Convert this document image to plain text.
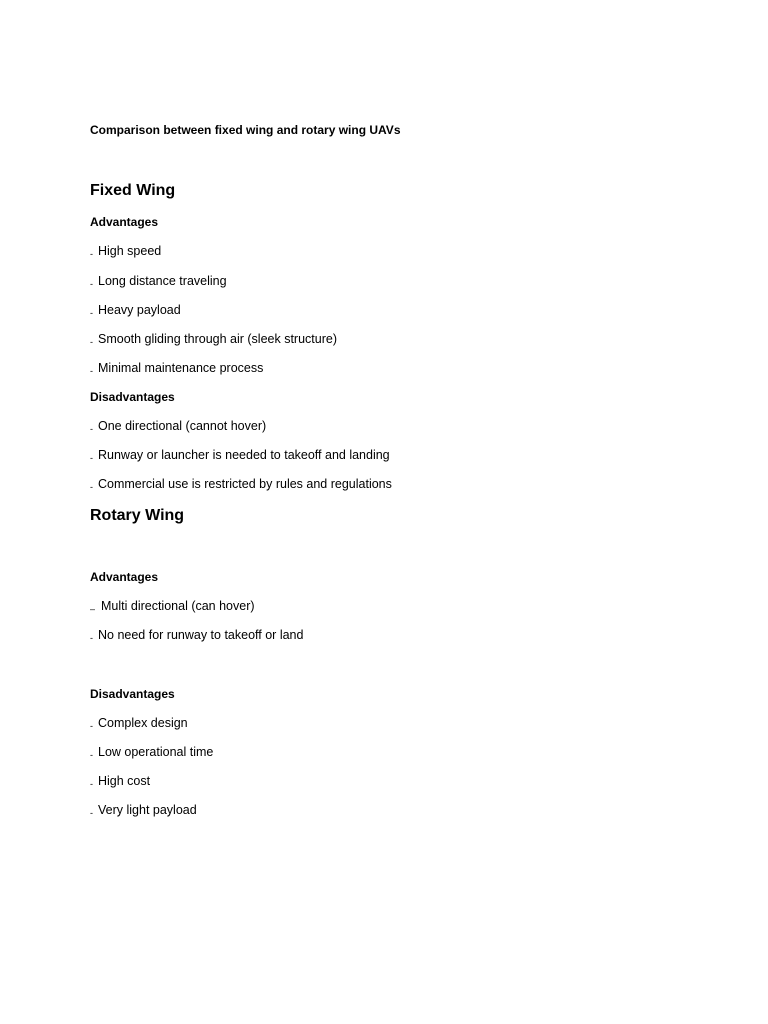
Comparison between fixed wing and rotary wing UAVs
Fixed Wing
Advantages
- High speed
- Long distance traveling
- Heavy payload
- Smooth gliding through air (sleek structure)
- Minimal maintenance process
Disadvantages
- One directional (cannot hover)
- Runway or launcher is needed to takeoff and landing
- Commercial use is restricted by rules and regulations
Rotary Wing
Advantages
– Multi directional (can hover)
- No need for runway to takeoff or land
Disadvantages
- Complex design
- Low operational time
- High cost
- Very light payload
